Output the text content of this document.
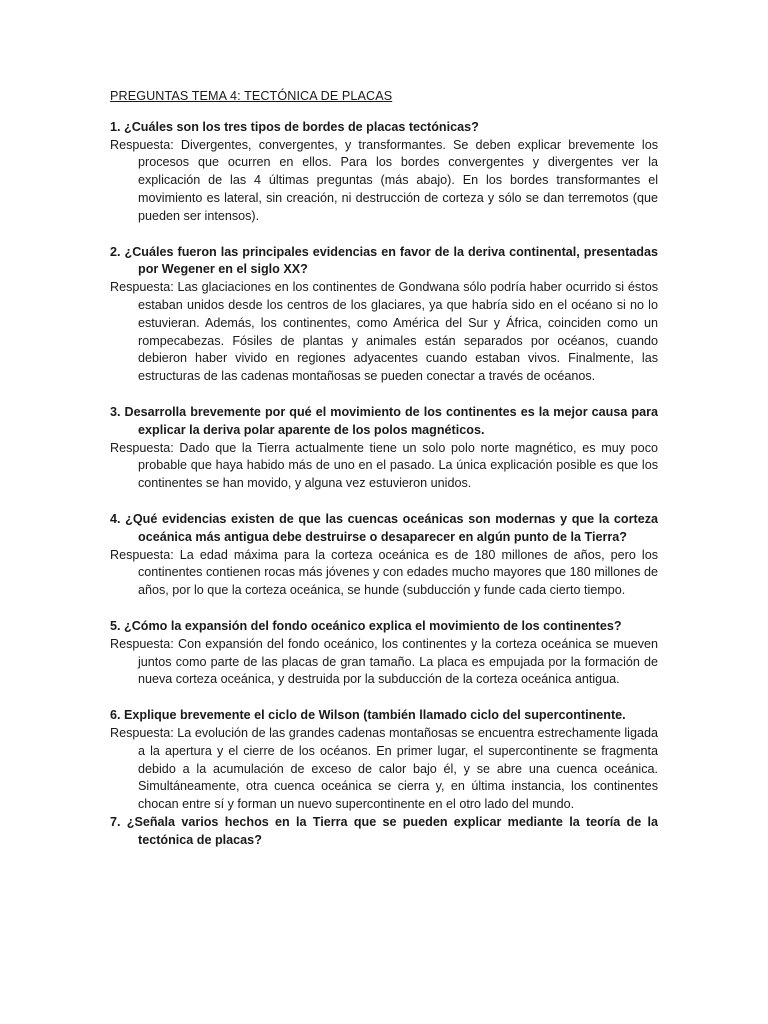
PREGUNTAS TEMA 4: TECTÓNICA DE PLACAS

1. ¿Cuáles son los tres tipos de bordes de placas tectónicas?

Respuesta: Divergentes, convergentes, y transformantes. Se deben explicar brevemente los procesos que ocurren en ellos. Para los bordes convergentes y divergentes ver la explicación de las 4 últimas preguntas (más abajo). En los bordes transformantes el movimiento es lateral, sin creación, ni destrucción de corteza y sólo se dan terremotos (que pueden ser intensos).

2. ¿Cuáles fueron las principales evidencias en favor de la deriva continental, presentadas por Wegener en el siglo XX?

Respuesta: Las glaciaciones en los continentes de Gondwana sólo podría haber ocurrido si éstos estaban unidos desde los centros de los glaciares, ya que habría sido en el océano si no lo estuvieran. Además, los continentes, como América del Sur y África, coinciden como un rompecabezas. Fósiles de plantas y animales están separados por océanos, cuando debieron haber vivido en regiones adyacentes cuando estaban vivos. Finalmente, las estructuras de las cadenas montañosas se pueden conectar a través de océanos.

3. Desarrolla brevemente por qué el movimiento de los continentes es la mejor causa para explicar la deriva polar aparente de los polos magnéticos.

Respuesta: Dado que la Tierra actualmente tiene un solo polo norte magnético, es muy poco probable que haya habido más de uno en el pasado. La única explicación posible es que los continentes se han movido, y alguna vez estuvieron unidos.

4. ¿Qué evidencias existen de que las cuencas oceánicas son modernas y que la corteza oceánica más antigua debe destruirse o desaparecer en algún punto de la Tierra?

Respuesta: La edad máxima para la corteza oceánica es de 180 millones de años, pero los continentes contienen rocas más jóvenes y con edades mucho mayores que 180 millones de años, por lo que la corteza oceánica, se hunde (subducción y funde cada cierto tiempo.

5. ¿Cómo la expansión del fondo oceánico explica el movimiento de los continentes?

Respuesta: Con expansión del fondo oceánico, los continentes y la corteza oceánica se mueven juntos como parte de las placas de gran tamaño. La placa es empujada por la formación de nueva corteza oceánica, y destruida por la subducción de la corteza oceánica antigua.

6. Explique brevemente el ciclo de Wilson (también llamado ciclo del supercontinente.

Respuesta: La evolución de las grandes cadenas montañosas se encuentra estrechamente ligada a la apertura y el cierre de los océanos. En primer lugar, el supercontinente se fragmenta debido a la acumulación de exceso de calor bajo él, y se abre una cuenca oceánica. Simultáneamente, otra cuenca oceánica se cierra y, en última instancia, los continentes chocan entre sí y forman un nuevo supercontinente en el otro lado del mundo.

7. ¿Señala varios hechos en la Tierra que se pueden explicar mediante la teoría de la tectónica de placas?
